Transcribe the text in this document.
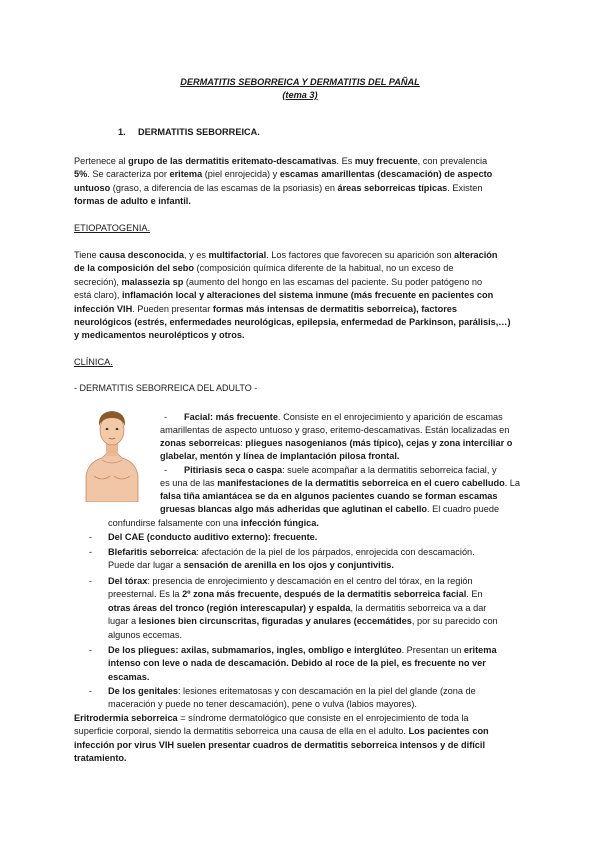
DERMATITIS SEBORREICA Y DERMATITIS DEL PAÑAL
(tema 3)
1. DERMATITIS SEBORREICA.
Pertenece al grupo de las dermatitis eritemato-descamativas. Es muy frecuente, con prevalencia
5%. Se caracteriza por eritema (piel enrojecida) y escamas amarillentas (descamación) de aspecto
untuoso (graso, a diferencia de las escamas de la psoriasis) en áreas seborreicas típicas. Existen
formas de adulto e infantil.
ETIOPATOGENIA.
Tiene causa desconocida, y es multifactorial. Los factores que favorecen su aparición son alteración
de la composición del sebo (composición química diferente de la habitual, no un exceso de
secreción), malassezia sp (aumento del hongo en las escamas del paciente. Su poder patógeno no
está claro), inflamación local y alteraciones del sistema inmune (más frecuente en pacientes con
infección VIH. Pueden presentar formas más intensas de dermatitis seborreica), factores
neurológicos (estrés, enfermedades neurológicas, epilepsia, enfermedad de Parkinson, parálisis,…)
y medicamentos neurolépticos y otros.
CLÍNICA.
- DERMATITIS SEBORREICA DEL ADULTO -
-	Facial: más frecuente. Consiste en el enrojecimiento y aparición de escamas
amarillentas de aspecto untuoso y graso, eritemo-descamativas. Están localizadas en
zonas seborreicas: pliegues nasogenianos (más típico), cejas y zona interciliar o
glabelar, mentón y línea de implantación pilosa frontal.
-	Pitiriasis seca o caspa: suele acompañar a la dermatitis seborreica facial, y
es una de las manifestaciones de la dermatitis seborreica en el cuero cabelludo. La
falsa tiña amiantácea se da en algunos pacientes cuando se forman escamas
gruesas blancas algo más adheridas que aglutinan el cabello. El cuadro puede
confundirse falsamente con una infección fúngica.
-	Del CAE (conducto auditivo externo): frecuente.
-	Blefaritis seborreica: afectación de la piel de los párpados, enrojecida con descamación.
Puede dar lugar a sensación de arenilla en los ojos y conjuntivitis.
-	Del tórax: presencia de enrojecimiento y descamación en el centro del tórax, en la región
preesternal. Es la 2º zona más frecuente, después de la dermatitis seborreica facial. En
otras áreas del tronco (región interescapular) y espalda, la dermatitis seborreica va a dar
lugar a lesiones bien circunscritas, figuradas y anulares (eccemátides, por su parecido con
algunos eccemas.
-	De los pliegues: axilas, submamarios, ingles, ombligo e interglúteo. Presentan un eritema
intenso con leve o nada de descamación. Debido al roce de la piel, es frecuente no ver
escamas.
-	De los genitales: lesiones eritematosas y con descamación en la piel del glande (zona de
maceración y puede no tener descamación), pene o vulva (labios mayores).
Eritrodermia seborreica = síndrome dermatológico que consiste en el enrojecimiento de toda la
superficie corporal, siendo la dermatitis seborreica una causa de ella en el adulto. Los pacientes con
infección por virus VIH suelen presentar cuadros de dermatitis seborreica intensos y de difícil
tratamiento.
